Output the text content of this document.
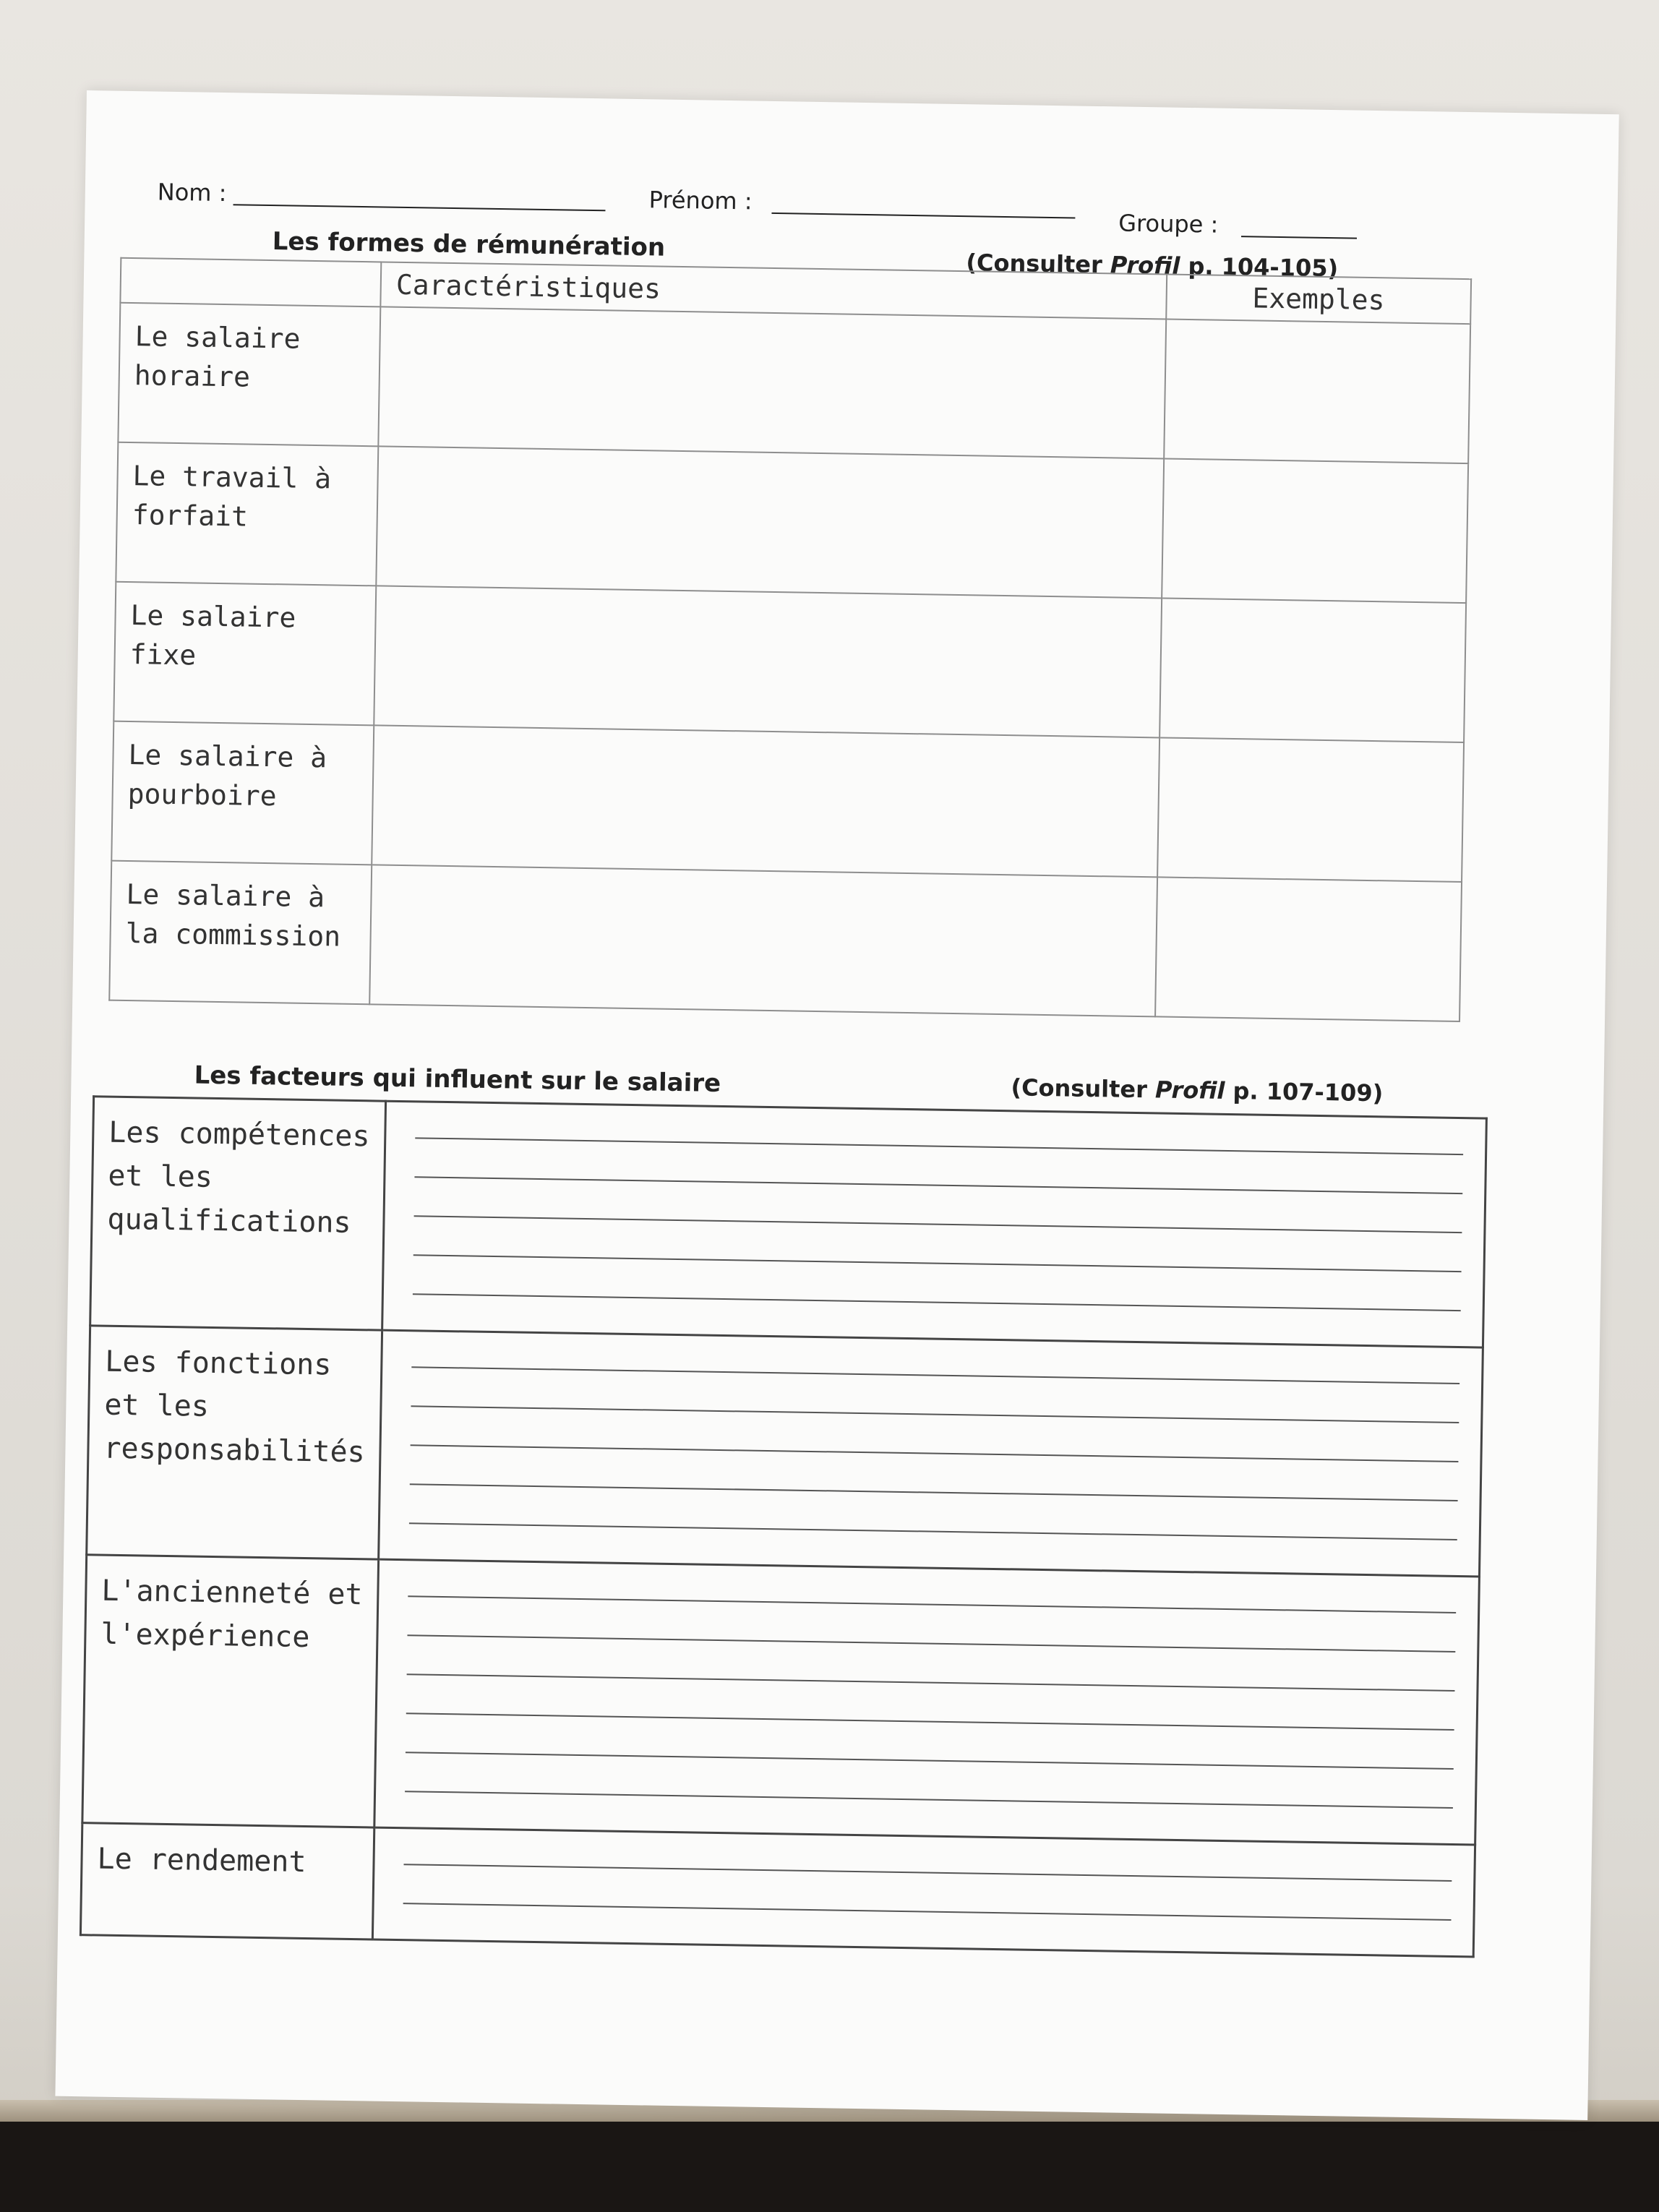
Nom :	Prénom :
Groupe :
Les formes de rémunération
(Consulter Profil p. 104-105)
	Caractéristiques	Exemples
Le salaire horaire		
Le travail à forfait		
Le salaire fixe		
Le salaire à pourboire		
Le salaire à la commission		
Les facteurs qui influent sur le salaire	(Consulter Profil p. 107-109)
Les compétences et les qualifications	

Les fonctions et les responsabilités	

L'ancienneté et l'expérience	

Le rendement	
